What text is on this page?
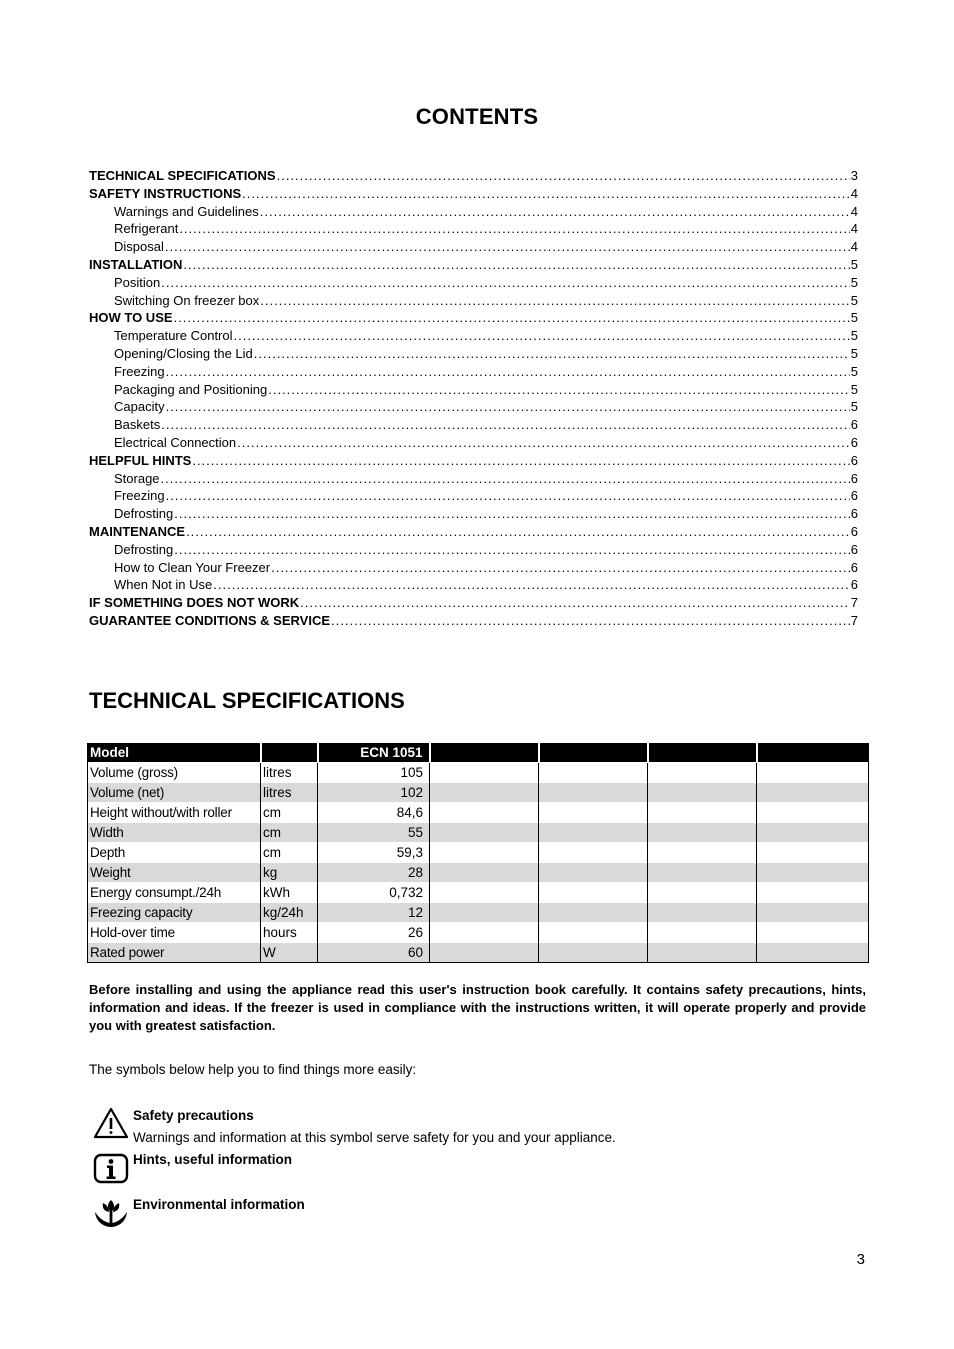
CONTENTS
TECHNICAL SPECIFICATIONS .....	3
SAFETY INSTRUCTIONS .....	4
Warnings and Guidelines .....	4
Refrigerant .....	4
Disposal .....	4
INSTALLATION .....	5
Position .....	5
Switching On freezer box .....	5
HOW TO USE .....	5
Temperature Control .....	5
Opening/Closing the Lid .....	5
Freezing .....	5
Packaging and Positioning .....	5
Capacity .....	5
Baskets .....	6
Electrical Connection .....	6
HELPFUL HINTS .....	6
Storage .....	6
Freezing .....	6
Defrosting .....	6
MAINTENANCE .....	6
Defrosting .....	6
How to Clean Your Freezer .....	6
When Not in Use .....	6
IF SOMETHING DOES NOT WORK .....	7
GUARANTEE CONDITIONS & SERVICE .....	7
TECHNICAL SPECIFICATIONS
Model		ECN 1051				
Volume (gross)	litres	105				
Volume (net)	litres	102				
Height without/with roller	cm	84,6				
Width	cm	55				
Depth	cm	59,3				
Weight	kg	28				
Energy consumpt./24h	kWh	0,732				
Freezing capacity	kg/24h	12				
Hold-over time	hours	26				
Rated power	W	60				
Before installing and using the appliance read this user's instruction book carefully. It contains safety precautions, hints, information and ideas. If the freezer is used in compliance with the instructions written, it will operate properly and provide you with greatest satisfaction.
The symbols below help you to find things more easily:
Safety precautions
Warnings and information at this symbol serve safety for you and your appliance.
Hints, useful information
Environmental information
3
